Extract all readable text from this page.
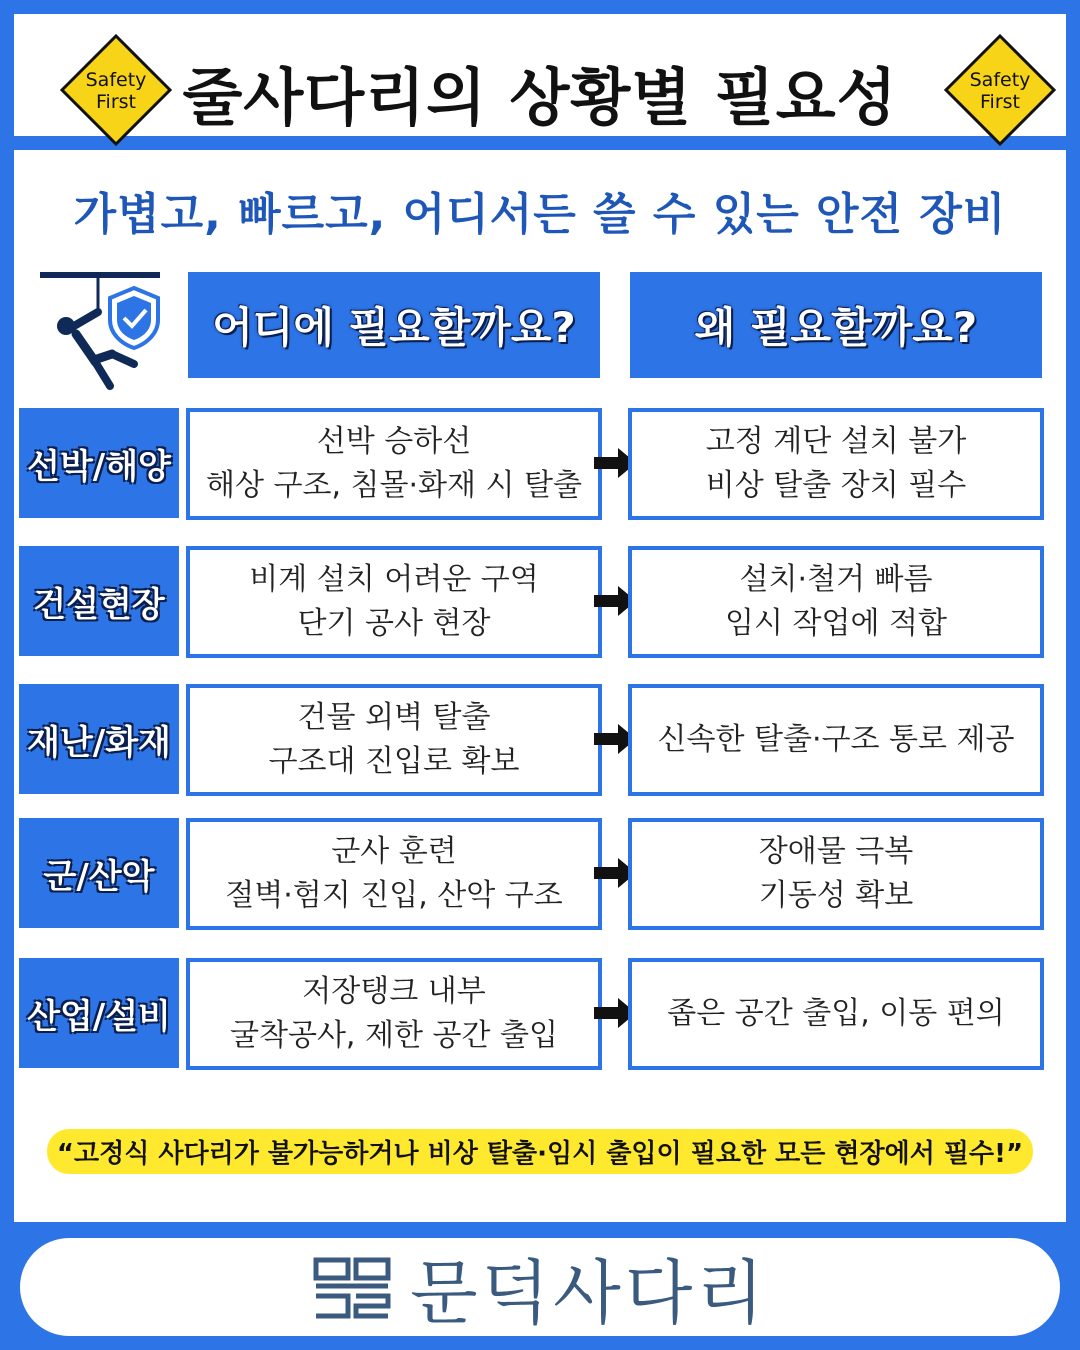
Safety
First 줄사다리의 상황별 필요성	Safety
First
가볍고, 빠르고, 어디서든 쓸 수 있는 안전 장비
어디에 필요할까요?	왜 필요할까요?
선박/해양
선박 승하선
해상 구조, 침몰·화재 시 탈출
고정 계단 설치 불가
비상 탈출 장치 필수
건설현장
비계 설치 어려운 구역
단기 공사 현장
설치·철거 빠름
임시 작업에 적합
재난/화재
건물 외벽 탈출
구조대 진입로 확보
신속한 탈출·구조 통로 제공
군/산악
군사 훈련
절벽·험지 진입, 산악 구조
장애물 극복
기동성 확보
산업/설비
저장탱크 내부
굴착공사, 제한 공간 출입
좁은 공간 출입, 이동 편의
“고정식 사다리가 불가능하거나 비상 탈출·임시 출입이 필요한 모든 현장에서 필수!”
문덕사다리
